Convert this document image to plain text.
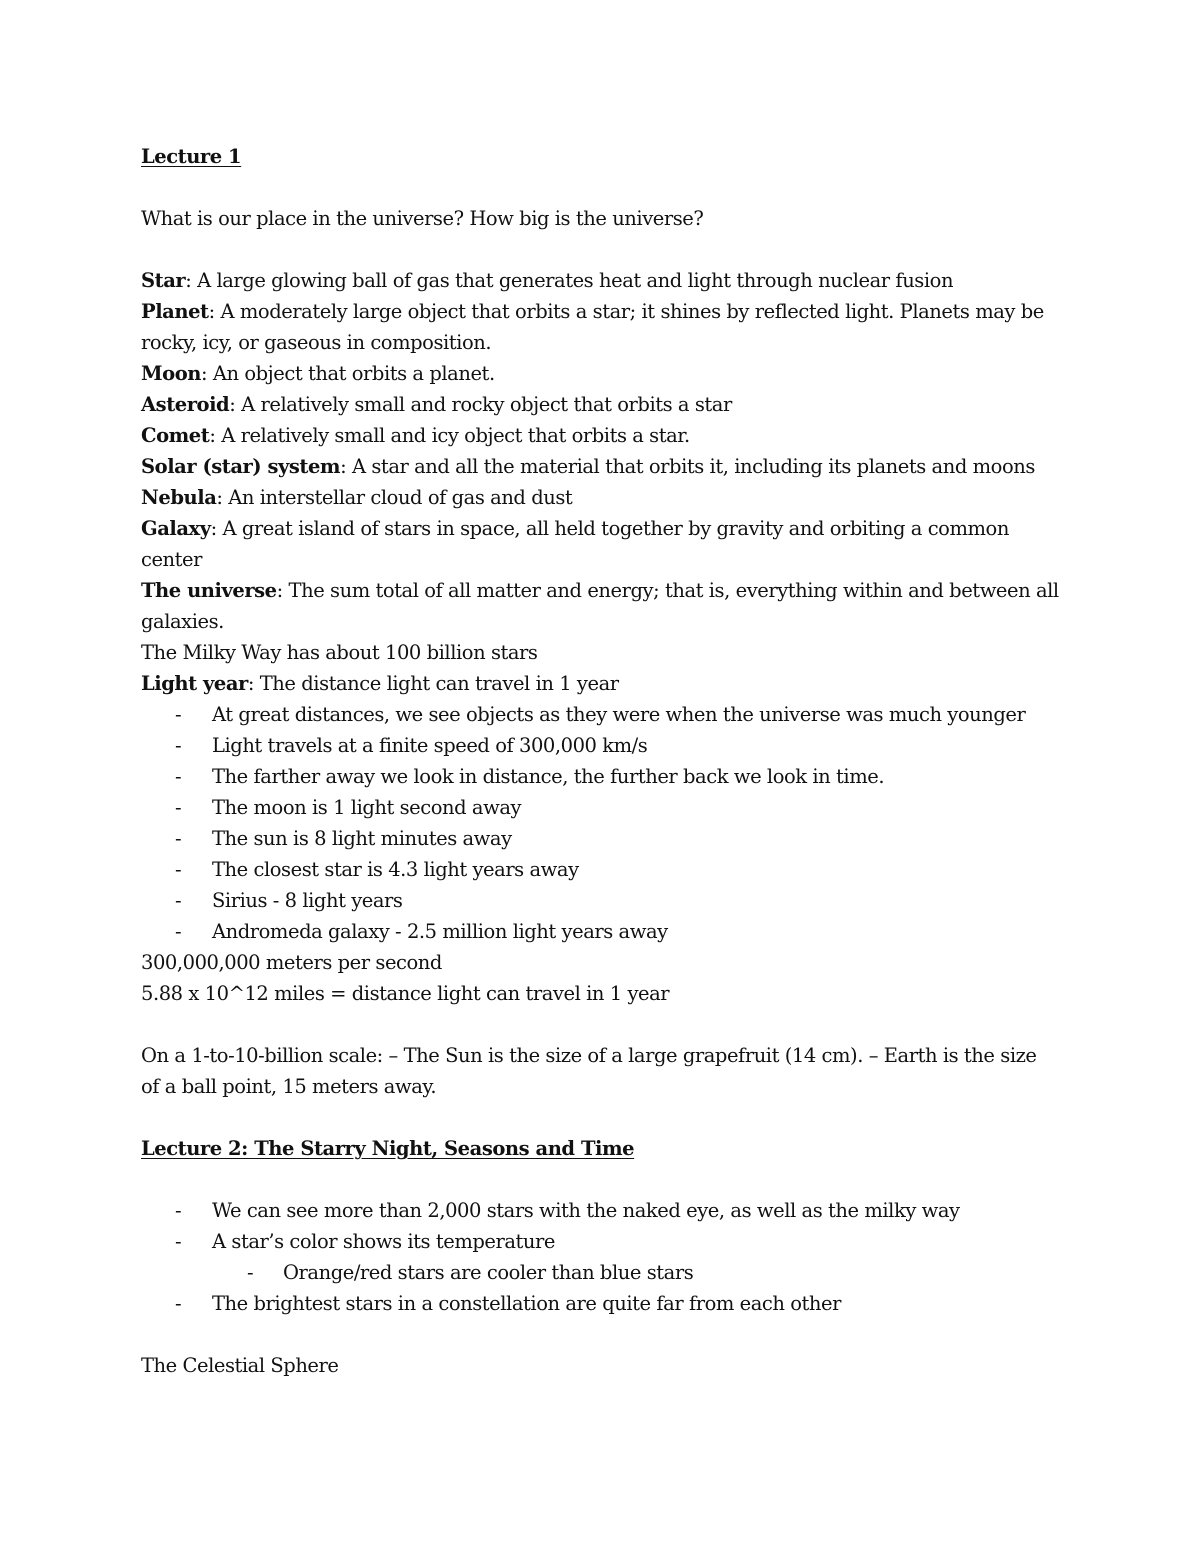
Lecture 1
What is our place in the universe? How big is the universe?
Star: A large glowing ball of gas that generates heat and light through nuclear fusion
Planet: A moderately large object that orbits a star; it shines by reflected light. Planets may be
rocky, icy, or gaseous in composition.
Moon: An object that orbits a planet.
Asteroid: A relatively small and rocky object that orbits a star
Comet: A relatively small and icy object that orbits a star.
Solar (star) system: A star and all the material that orbits it, including its planets and moons
Nebula: An interstellar cloud of gas and dust
Galaxy: A great island of stars in space, all held together by gravity and orbiting a common
center
The universe: The sum total of all matter and energy; that is, everything within and between all
galaxies.
The Milky Way has about 100 billion stars
Light year: The distance light can travel in 1 year
- At great distances, we see objects as they were when the universe was much younger
- Light travels at a finite speed of 300,000 km/s
- The farther away we look in distance, the further back we look in time.
- The moon is 1 light second away
- The sun is 8 light minutes away
- The closest star is 4.3 light years away
- Sirius - 8 light years
- Andromeda galaxy - 2.5 million light years away
300,000,000 meters per second
5.88 x 10^12 miles = distance light can travel in 1 year
On a 1-to-10-billion scale: – The Sun is the size of a large grapefruit (14 cm). – Earth is the size
of a ball point, 15 meters away.
Lecture 2: The Starry Night, Seasons and Time
- We can see more than 2,000 stars with the naked eye, as well as the milky way
- A star’s color shows its temperature
- Orange/red stars are cooler than blue stars
- The brightest stars in a constellation are quite far from each other
The Celestial Sphere
